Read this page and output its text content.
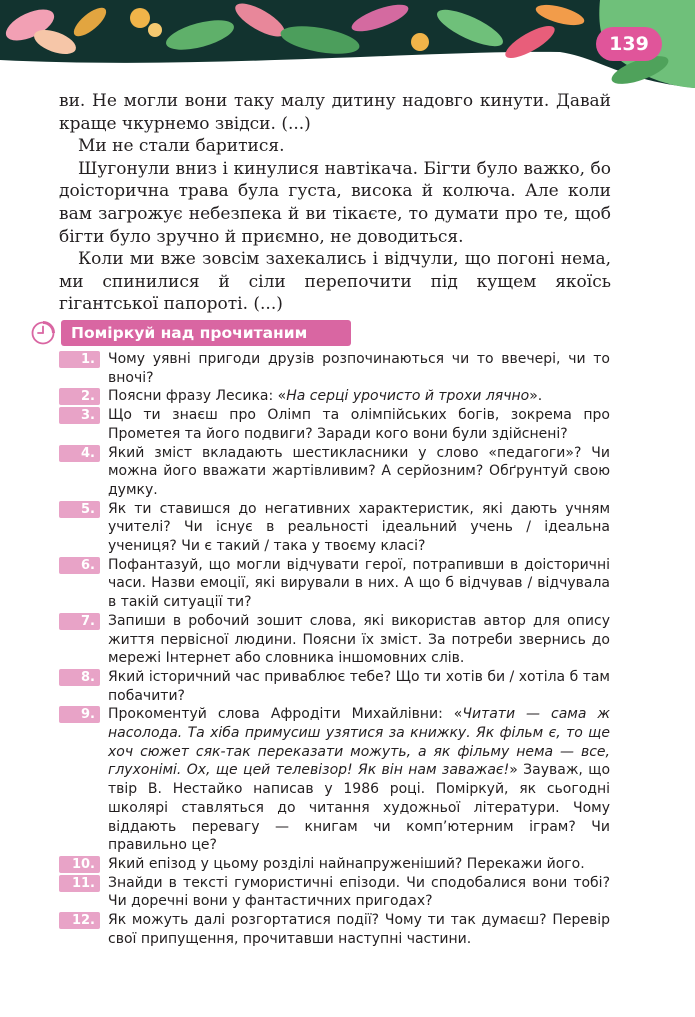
139

ви. Не могли вони таку малу дитину надовго кинути. Давай краще чкурнемо звідси. (...)

Ми не стали баритися.

Шугонули вниз і кинулися навтікача. Бігти було важко, бо доісторична трава була густа, висока й колюча. Але коли вам загрожує небезпека й ви тікаєте, то думати про те, щоб бігти було зручно й приємно, не доводиться.

Коли ми вже зовсім захекались і відчули, що погоні нема, ми спинилися й сіли перепочити під кущем якоїсь гігантської папороті. (...)

Поміркуй над прочитаним
1. Чому уявні пригоди друзів розпочинаються чи то ввечері, чи то вночі?
2. Поясни фразу Лесика: «На серці урочисто й трохи лячно».
3. Що ти знаєш про Олімп та олімпійських богів, зокрема про Прометея та його подвиги? Заради кого вони були здійснені?
4. Який зміст вкладають шестикласники у слово «педагоги»? Чи можна його вважати жартівливим? А серйозним? Обґрунтуй свою думку.
5. Як ти ставишся до негативних характеристик, які дають учням учителі? Чи існує в реальності ідеальний учень / ідеальна учениця? Чи є такий / така у твоєму класі?
6. Пофантазуй, що могли відчувати герої, потрапивши в доісторичні часи. Назви емоції, які вирували в них. А що б відчував / відчувала в такій ситуації ти?
7. Запиши в робочий зошит слова, які використав автор для опису життя первісної людини. Поясни їх зміст. За потреби звернись до мережі Інтернет або словника іншомовних слів.
8. Який історичний час приваблює тебе? Що ти хотів би / хотіла б там побачити?
9. Прокоментуй слова Афродіти Михайлівни: «Читати — сама ж насолода. Та хіба примусиш узятися за книжку. Як фільм є, то ще хоч сюжет сяк-так переказати можуть, а як фільму нема — все, глухонімі. Ох, ще цей телевізор! Як він нам заважає!» Зауваж, що твір В. Нестайко написав у 1986 році. Поміркуй, як сьогодні школярі ставляться до читання художньої літератури. Чому віддають перевагу — книгам чи комп’ютерним іграм? Чи правильно це?
10. Який епізод у цьому розділі найнапруженіший? Перекажи його.
11. Знайди в тексті гумористичні епізоди. Чи сподобалися вони тобі? Чи доречні вони у фантастичних пригодах?
12. Як можуть далі розгортатися події? Чому ти так думаєш? Перевір свої припущення, прочитавши наступні частини.
